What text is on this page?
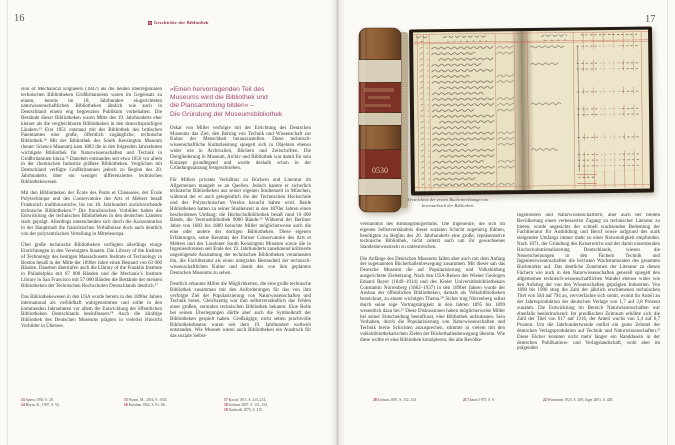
16	Geschichte der Bibliothek	17
sion of Mechanical Engineers (1847) als die beiden überregionalen technischen Bibliotheken Großbritanniens waren im Gegensatz zu einem, bereits im 18. Jahrhundert eingerichteten naturwissenschaftlichen Bibliotheken ähnlich wie auch in Deutschland einem eng begrenzten Publikum vorbehalten. Die Bestände dieser Bibliotheken waren Mitte des 19. Jahrhunderts eher kleiner als die vergleichbaren Bibliotheken in den deutschsprachigen Ländern.¹³ Erst 1851 entstand mit der Bibliothek des britischen Patentamtes eine große, öffentlich zugängliche, technische Bibliothek.¹⁴ Mit der Bibliothek des South Kensington Museum (heute: Science Museum) kam 1883 die in den folgenden Jahrzehnten wichtigste Bibliothek für Naturwissenschaften und Technik in Großbritannien hinzu.¹⁵ Daneben entstanden seit etwa 1850 vor allem in der chemischen Industrie größere Bibliotheken. Verglichen mit Deutschland verfügte Großbritannien jedoch zu Beginn des 20. Jahrhunderts über ein weniger differenziertes technisches Bibliothekswesen.
Mit den Bibliotheken der École des Ponts et Chaussées, der École Polytechnique und des Conservatoire des Arts et Métiers besaß Frankreich traditionsreiche, bis ins 18. Jahrhundert zurückreichende technische Bibliotheken.¹⁶ Die französischen Vorbilder haben die Entwicklung der technischen Bibliotheken in den deutschen Ländern stark geprägt. Allerdings unterscheiden sich durch die Konzentration in der Hauptstadt die französischen Verhältnisse doch auch deutlich von der polyzentrischen Verteilung in Mitteleuropa.
Über große technische Bibliotheken verfügten allerdings einige Einrichtungen in den Vereinigten Staaten. Die Library of the Institute of Technology des heutigen Massachusetts Institute of Technology in Boston besaß in der Mitte der 1890er Jahre einen Bestand von 63 000 Bänden. Daneben übertrafen auch die Library of the Franklin Institute in Philadelphia mit 67 000 Bänden und die Mechanic's Institute Library in San Francisco mit 57 000 Bänden die Bestände der meisten Bibliotheken der Technischen Hochschulen Deutschlands deutlich.¹⁷
Das Bibliothekswesen in den USA wurde bereits in den 1890er Jahren international als vorbildhaft wahrgenommen und sollte in den kommenden Jahrzehnten vor allem die Entwicklung der öffentlichen Bibliotheken Deutschlands beeinflussen.¹⁸ Auch die künftige Bibliothek des Deutschen Museums prägten in vielerlei Hinsicht Vorbilder in Übersee.
»Einen hervorragenden Teil des
Museums wird die Bibliothek und
die Plansammlung bilden« –
Die Gründung der Museumsbibliothek
Oskar von Miller verfolgte mit der Errichtung des Deutschen Museums das Ziel, den Beitrag von Technik und Wissenschaft zur Kultur der Menschheit herauszustellen. Diese technisch-wissenschaftliche Kulturleistung spiegelt sich in Objekten ebenso wider wie in Archivalien, Büchern und Zeitschriften. Die Dreigliederung in Museum, Archiv und Bibliothek war damit für sein Konzept grundlegend und wurde deshalb schon in der Gründungssatzung festgeschrieben.
Für Millers privates Verhältnis zu Büchern und Literatur im Allgemeinen mangelt es an Quellen. Jedoch kannte er sicherlich technische Bibliotheken aus seiner eigenen Studienzeit in München, während der er auch gelegentlich die der Technischen Hochschule und des Polytechnischen Vereins besucht haben wird. Beide Bibliotheken hatten zu seiner Studienzeit in den 1870er Jahren einen bescheidenen Umfang: die Hochschulbibliothek besaß rund 10 000 Bände, die Vereinsbibliothek 9000 Bände.¹⁹ Während der Berliner Jahre von 1883 bis 1889 besuchte Miller möglicherweise auch die eine oder andere der dortigen Bibliotheken. Diese eigenen Erfahrungen, seine Kenntnis des Pariser Conservatoire des Arts et Métiers und des Londoner South Kensington Museum sowie die in Ingenieurkreisen seit Ende des 19. Jahrhunderts zunehmend kritisierte ungenügende Ausstattung der technischen Bibliotheken veranlassten ihn, die Fachliteratur als einen integralen Bestandteil der technisch-wissenschaftlichen Kultur und damit des von ihm geplanten Deutschen Museums zu sehen.
Deutlich erkannte Miller die Möglichkeiten, die eine große technische Bibliothek zusammen mit den Anforderungen für das von ihm verfolgte Ziel der Popularisierung von Naturwissenschaften und Technik boten. Gleichzeitig war ihm selbstverständlich das Fehlen einer großen, zentralen technischen Bibliothek bekannt. Eine Rolle bei seinen Überlegungen dürfte aber auch die Symbolkraft der Bibliotheken gespielt haben. Großzügige, nicht selten prachtvolle Bibliotheksbauten waren seit dem 19. Jahrhundert weltweit entstanden. Wie Museen waren auch Bibliotheken ein Ausdruck für das soziale Selbst-
0530
Verzeichnis der ersten Bucheinreihungen im Inventarbuch der Bibliothek.
verständnis des Bildungsbürgertums. Die Ingenieure, die sich im eigenen Selbstverständnis dieser sozialen Schicht zugehörig fühlten, benötigten zu Beginn des 20. Jahrhunderts eine große, repräsentative technische Bibliothek, nicht zuletzt auch um ihr gewachsenes Standesbewusstsein zu unterstreichen.
Die Anfänge des Deutschen Museums fallen aber auch mit dem Anfang der sogenannten Bücherhallenbewegung zusammen. Mit dieser sah das Deutsche Museum die auf Popularisierung und Volksbildung ausgerichtete Zielsetzung. Nach den USA-Reisen des Wiener Geologen Eduard Reyer (1849–1914) und des Kieler Universitätsbibliothekars Constantin Nörrenberg (1862–1937) in den 1890er Jahren wurde der Ausbau der öffentlichen Bibliotheken, damals als Volksbibliotheken bezeichnet, zu einem wichtigen Thema.²⁰ Sicher trug Nörrenberg selbst durch seine rege Vortragstätigkeit in den Jahren 1895 bis 1899 wesentlich dazu bei.²¹ Diese Diskussionen haben möglicherweise Miller bei seiner Entscheidung beeinflusst, eine Bibliothek aufzubauen. Sein Vorhaben, durch die Popularisierung von Naturwissenschaften und Technik breite Schichten anzusprechen, stimmte in vielem mit den volksbibliothekarischen Zielen der Bücherhallenbewegung überein. Wie diese wollte er eine Bibliothek konzipieren, die alle Bevölke-
Ingenieuren und Naturwissenschaftlern, aber auch der breiten Bevölkerung einen verbesserten Zugang zu technischer Literatur zu bieten, wurde angesichts der schnell wachsenden Bedeutung der Fachliteratur für Ausbildung und Beruf sowie aufgrund des stark steigenden Umfangs immer mehr zu einer Notwendigkeit empfunden. Nach 1871, der Gründung des Kaiserreichs und der damit einsetzenden Hochschulrationalisierung Deutschlands, wiesen die Neuerscheinungen in den Fächern Technik und Ingenieurwissenschaften die höchsten Wachstumsraten des gesamten Buchmarkts auf. Das deutliche Zunehmen der Literatur zu diesen Fächern wie auch in den Naturwissenschaften generell spiegelt den allgemeinen technisch-wissenschaftlichen Wandel ebenso wider wie den Aufstieg der von den Wissenschaften geprägten Industrien. Von 1890 bis 1900 stieg die Zahl der jährlich erschienenen technischen Titel von 584 auf 794 an, vervierfachte sich somit, womit ihr Anteil an der Jahresproduktion der deutschen Verlage von 1,7 auf 3,8 Prozent zunahm. Die Entwicklung im Bereich Naturwissenschaften war ebenfalls beeindruckend: Im preußischen Zeitraum erhöhte sich die Zahl der Titel von 617 auf 1316, der Anteil wuchs von 5,4 auf 6,7 Prozent. Um die Jahrhundertwende entfiel ein gutes Zehntel der deutschen Verlagsproduktion auf Technik und Naturwissenschaften.²² Diese Fächer konnten nicht mehr länger ein Randdasein in der deutschen Publikations- und Verlagslandschaft, wohl aber im prägenden
13 Spiess 1930, S. 28.
14 Heym, K., 1997, S. 94.
15 Wyant, M., 2016, S. 1045.
16 Kufahne 1962, S. 91–96.
17 Kawai 1915, S. 213–214.
18 Jochum 2007, S. 151–154.
19 Nachrodt 1875, S. 215.
20 Jochum 2007, S. 152–154.	21 Thauer 1975, S. 9.	22 Wustmann 1923, S. 280; Jäger 2001, S. 429.
